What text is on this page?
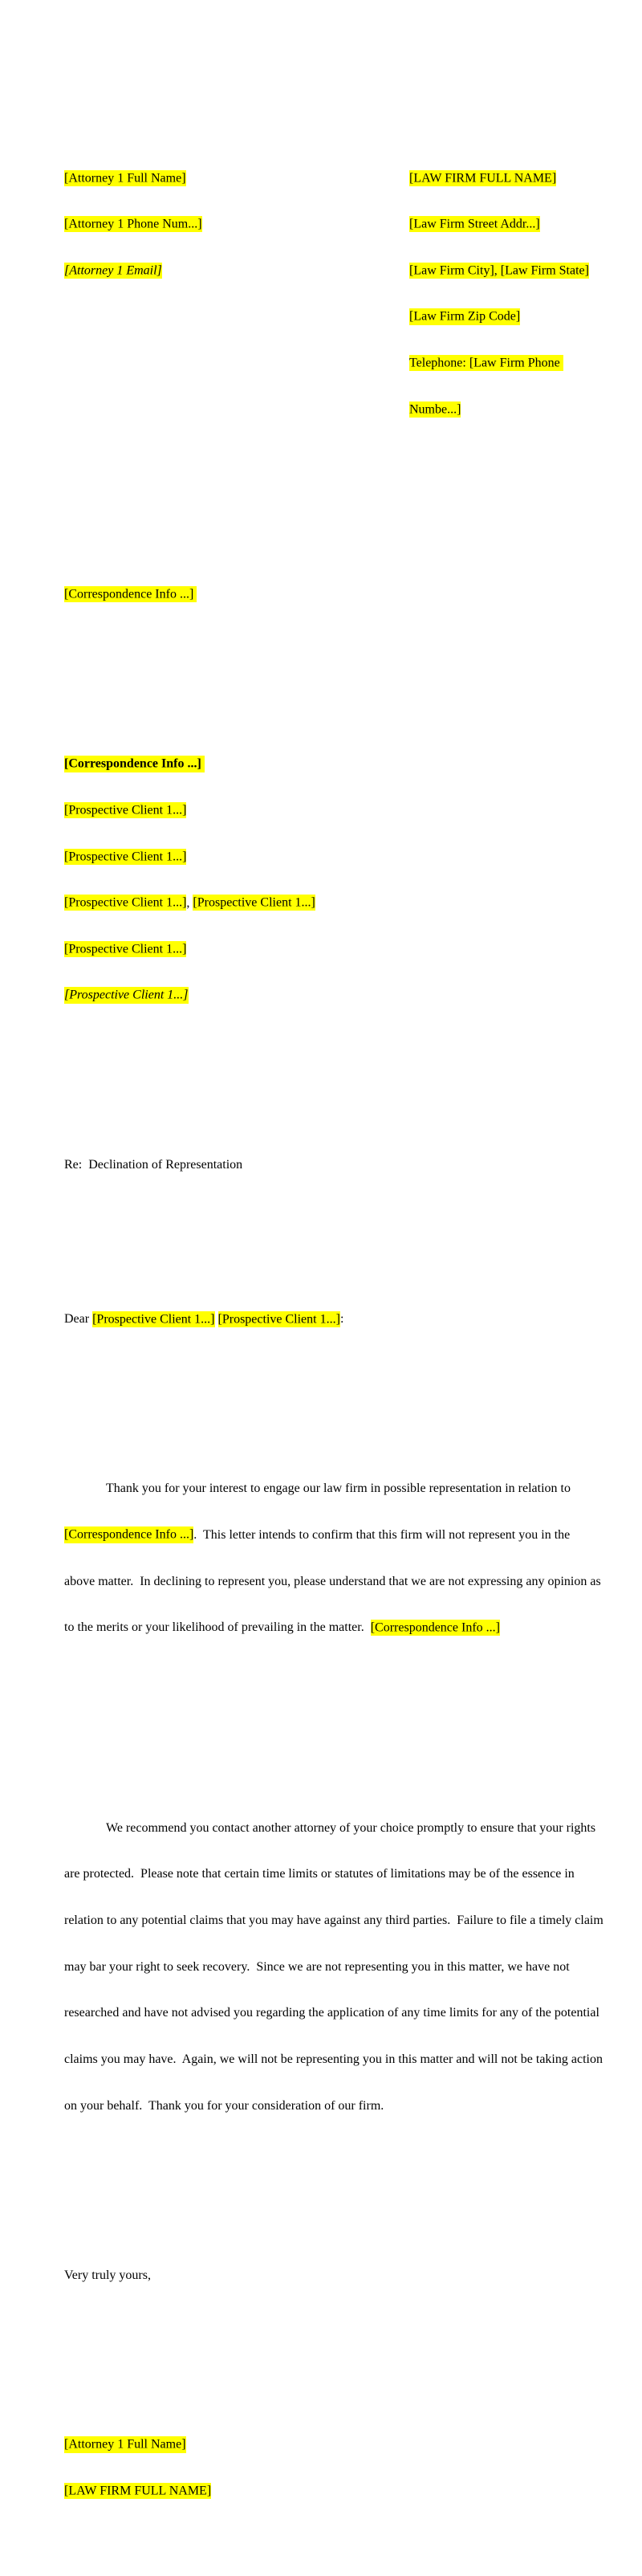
[Attorney 1 Full Name]

[Attorney 1 Phone Num...]

[Attorney 1 Email]

[LAW FIRM FULL NAME]

[Law Firm Street Addr...]

[Law Firm City], [Law Firm State]

[Law Firm Zip Code]

Telephone: [Law Firm Phone

Numbe...]

[Correspondence Info ...]

[Correspondence Info ...]

[Prospective Client 1...]

[Prospective Client 1...]

[Prospective Client 1...], [Prospective Client 1...]

[Prospective Client 1...]

[Prospective Client 1...]

Re:  Declination of Representation

Dear [Prospective Client 1...] [Prospective Client 1...]:

Thank you for your interest to engage our law firm in possible representation in relation to

[Correspondence Info ...].  This letter intends to confirm that this firm will not represent you in the

above matter.  In declining to represent you, please understand that we are not expressing any opinion as

to the merits or your likelihood of prevailing in the matter.  [Correspondence Info ...]

We recommend you contact another attorney of your choice promptly to ensure that your rights

are protected.  Please note that certain time limits or statutes of limitations may be of the essence in

relation to any potential claims that you may have against any third parties.  Failure to file a timely claim

may bar your right to seek recovery.  Since we are not representing you in this matter, we have not

researched and have not advised you regarding the application of any time limits for any of the potential

claims you may have.  Again, we will not be representing you in this matter and will not be taking action

on your behalf.  Thank you for your consideration of our firm.

Very truly yours,

[Attorney 1 Full Name]

[LAW FIRM FULL NAME]
